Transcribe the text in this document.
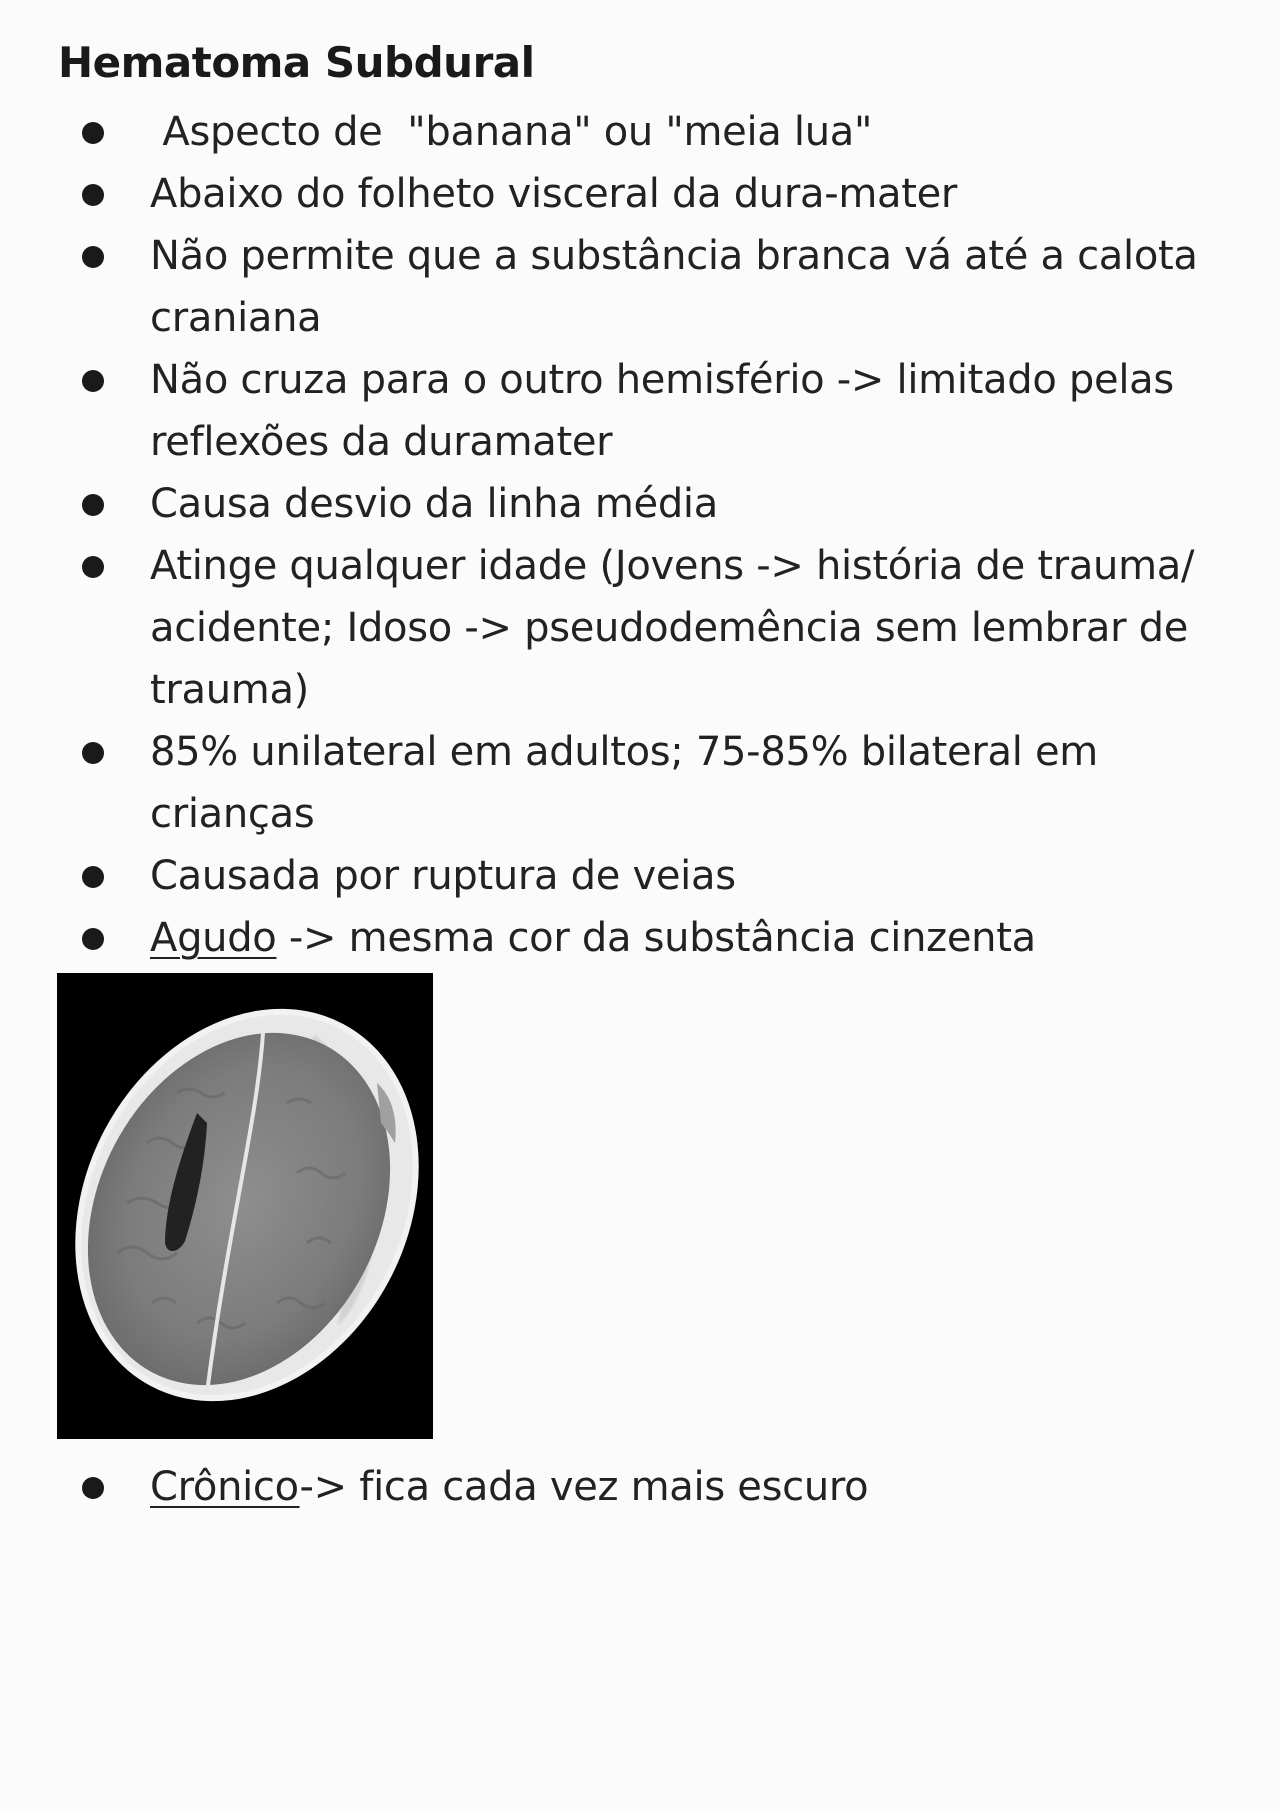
Hematoma Subdural
Aspecto de  "banana" ou "meia lua"
Abaixo do folheto visceral da dura-mater
Não permite que a substância branca vá até a calota craniana
Não cruza para o outro hemisfério -> limitado pelas reflexões da duramater
Causa desvio da linha média
Atinge qualquer idade (Jovens -> história de trauma/ acidente; Idoso -> pseudodemência sem lembrar de trauma)
85% unilateral em adultos; 75-85% bilateral em crianças
Causada por ruptura de veias
Agudo -> mesma cor da substância cinzenta
Crônico-> fica cada vez mais escuro
